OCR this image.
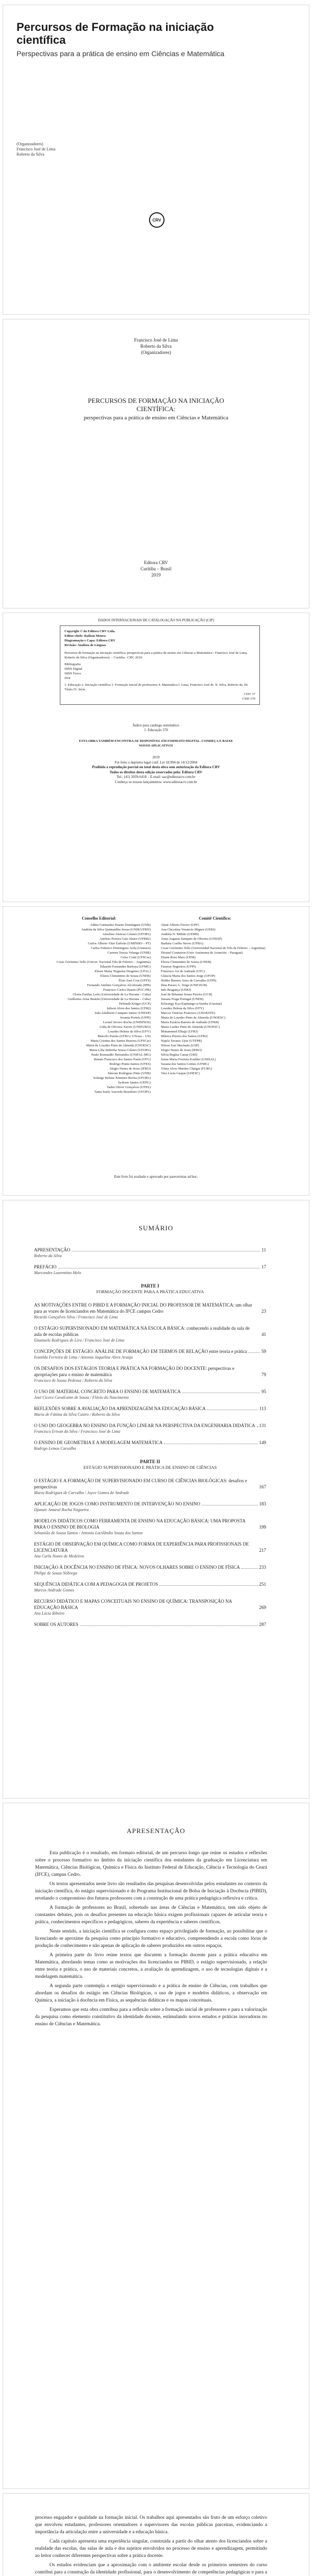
Percursos de Formação na iniciação científica
Perspectivas para a prática de ensino em Ciências e Matemática
(Organizadores)
Francisco José de Lima
Roberto da Silva
CRV
Francisco José de Lima
Roberto da Silva
(Organizadores)
PERCURSOS DE FORMAÇÃO NA INICIAÇÃO CIENTÍFICA:
perspectivas para a prática de ensino em Ciências e Matemática
Editora CRV
Curitiba – Brasil
2019
DADOS INTERNACIONAIS DE CATALOGAÇÃO NA PUBLICAÇÃO (CIP)
Copyright © da Editora CRV Ltda.
Editor-chefe: Railson Moura
Diagramação e Capa: Editora CRV
Revisão: Analista de Línguas
Percursos de formação na iniciação científica: perspectivas para a prática de ensino em Ciências e Matemática / Francisco José de Lima, Roberto da Silva (Organizadores). – Curitiba : CRV, 2019.
Bibliografia
ISBN Digital
ISBN Físico
DOI
1. Educação 2. Iniciação científica 3. Formação inicial de professores 4. Matemática I. Lima, Francisco José de. II. Silva, Roberto da. III. Título IV. Série.
CDU 37
CDD 370
Índice para catálogo sistemático
1. Educação 370
ESTA OBRA TAMBÉM ENCONTRA-SE DISPONÍVEL EM FORMATO DIGITAL. CONHEÇA E BAIXE NOSSO APLICATIVO!
2019
Foi feito o depósito legal conf. Lei 10.994 de 14/12/2004
Proibida a reprodução parcial ou total desta obra sem autorização da Editora CRV
Todos os direitos desta edição reservados pela: Editora CRV
Tel.: (41) 3039-6418 – E-mail: sac@editoracrv.com.br
Conheça os nossos lançamentos: www.editoracrv.com.br
Conselho Editorial:
Aldira Guimarães Duarte Domínguez (UNB)
Andréia da Silva Quintanilha Sousa (UNIR/UFRN)
Anselmo Alencar Colares (UFOPA)
Antônio Pereira Gaio Júnior (UFRRJ)
Carlos Alberto Vilar Estêvão (UMINHO – PT)
Carlos Federico Dominguez Avila (Unieuro)
Carmen Tereza Velanga (UNIR)
Celso Conti (UFSCar)
Cesar Gerónimo Tello (Univer. Nacional Três de Febrero – Argentina)
Eduardo Fernandes Barbosa (UFMG)
Elione Maria Nogueira Diogenes (UFAL)
Elizeu Clementino de Souza (UNEB)
Élsio José Corá (UFFS)
Fernando Antônio Gonçalves Alcoforado (IPB)
Francisco Carlos Duarte (PUC-PR)
Gloria Fariñas León (Universidade de La Havana – Cuba)
Guillermo Arias Beatón (Universidade de La Havana – Cuba)
Helmuth Krüger (UCP)
Jailson Alves dos Santos (UFRJ)
João Adalberto Campato Junior (UNESP)
Josania Portela (UFPI)
Leonel Severo Rocha (UNISINOS)
Lídia de Oliveira Xavier (UNIEURO)
Lourdes Helena da Silva (UFV)
Marcelo Paixão (UFRJ e UTexas – US)
Maria Cristina dos Santos Bezerra (UFSCar)
Maria de Lourdes Pinto de Almeida (UNOESC)
Maria Lília Imbiriba Sousa Colares (UFOPA)
Paulo Romualdo Hernandes (UNIFAL-MG)
Renato Francisco dos Santos Paula (UFG)
Rodrigo Pratte-Santos (UFES)
Sérgio Nunes de Jesus (IFRO)
Simone Rodrigues Pinto (UNB)
Solange Helena Ximenes-Rocha (UFOPA)
Sydione Santos (UEPG)
Tadeu Oliver Gonçalves (UFPA)
Tania Suely Azevedo Brasileiro (UFOPA)
Comitê Científico:
Altair Alberto Fávero (UPF)
Ana Chrystina Venancio Mignot (UERJ)
Andréia N. Militão (UEMS)
Anna Augusta Sampaio de Oliveira (UNESP)
Barbara Coelho Neves (UFBA)
Cesar Gerónimo Tello (Universidad Nacional de Três de Febrero – Argentina)
Diosnel Centurion (Univ Autónoma de Asunción – Paraguai)
Eliane Rose Maio (UEM)
Elizeu Clementino de Souza (UNEB)
Fauston Negreiros (UFPI)
Francisco Ari de Andrade (UFC)
Gláucia Maria dos Santos Jorge (UFOP)
Helder Buenos Aires de Carvalho (UFPI)
Ilma Passos A. Veiga (UNICEUB)
Inês Bragança (UERJ)
José de Ribamar Sousa Pereira (UCB)
Jussara Fraga Portugal (UNEB)
Kilwangy Kya Kapitango-a-Samba (Unemat)
Lourdes Helena da Silva (UFV)
Marcos Vinicius Francisco (UNOESTE)
Maria de Lourdes Pinto de Almeida (UNOESC)
Maria Eurácia Barreto de Andrade (UFRB)
Maria Lurdes Pinto de Almeida (UNOESC)
Mohammed Elhajji (UFRJ)
Mônica Pereira dos Santos (UFRJ)
Najela Tavares Ujiie (UTFPR)
Nilson José Machado (USP)
Sérgio Nunes de Jesus (IFRO)
Silvia Regina Canan (URI)
Sonia Maria Ferreira Koehler (UNISAL)
Suzana dos Santos Gomes (UFMG)
Vânia Alves Martins Chaigar (FURG)
Vera Lucia Gaspar (UDESC)
Este livro foi avaliado e aprovado por pareceristas ad hoc.
SUMÁRIO
APRESENTAÇÃO	11
Roberto da Silva
PREFÁCIO	17
Marcondes Laurentino Melo
PARTE I
FORMAÇÃO DOCENTE PARA A PRÁTICA EDUCATIVA
AS MOTIVAÇÕES ENTRE O PIBID E A FORMAÇÃO INICIAL DO PROFESSOR DE MATEMÁTICA: um olhar para as vozes de licenciandos em Matemática do IFCE campus Cedro	23
Ricardo Gonçalves Silva / Francisco José de Lima
O ESTÁGIO SUPERVISIONADO EM MATEMÁTICA NA ESCOLA BÁSICA: conhecendo a realidade da sala de aula de escolas públicas	41
Emanuele Rodrigues de Lira / Francisco José de Lima
CONCEPÇÕES DE ESTÁGIO: ANÁLISE DE FORMAÇÃO EM TERMOS DE RELAÇÃO entre teoria e prática	59
Ivanilda Ferreira de Lima / Antonia Jaqueline Alves Araújo
OS DESAFIOS DOS ESTÁGIOS TEORIA E PRÁTICA NA FORMAÇÃO DO DOCENTE: perspectivas e apropriações para o ensino de matemática	79
Francisco de Sousa Pedrosa / Roberto da Silva
O USO DE MATERIAL CONCRETO PARA O ENSINO DE MATEMÁTICA	95
José Cícero Cavalcante de Souza / Flávio do Nascimento
REFLEXÕES SOBRE A AVALIAÇÃO DA APRENDIZAGEM NA EDUCAÇÃO BÁSICA	113
Maria de Fátima da Silva Castro / Roberto da Silva
O USO DO GEOGEBRA NO ENSINO DA FUNÇÃO LINEAR NA PERSPECTIVA DA ENGENHARIA DIDÁTICA 131
Francisco Erivan da Silva / Francisco José de Lima
O ENSINO DE GEOMETRIA E A MODELAGEM MATEMÁTICA	149
Rodrigo Lemos Carvalho
PARTE II
ESTÁGIO SUPERVISIONADO E PRÁTICA DE ENSINO DE CIÊNCIAS
O ESTÁGIO E A FORMAÇÃO DE SUPERVISIONADO EM CURSO DE CIÊNCIAS BIOLÓGICAS: desafios e perspectivas	167
Maria Rodrigues de Carvalho / Joyce Gomes de Andrade
APLICAÇÃO DE JOGOS COMO INSTRUMENTO DE INTERVENÇÃO NO ENSINO	183
Djanair Amaral Rocha Nogueira
MODELOS DIDÁTICOS COMO FERRAMENTA DE ENSINO NA EDUCAÇÃO BÁSICA: UMA PROPOSTA PARA O ENSINO DE BIOLOGIA	199
Sebastião de Sousa Santos / Antonio Lucilândio Souza dos Santos
ESTÁGIO DE OBSERVAÇÃO EM QUÍMICA COMO FORMA DE EXPERIÊNCIA PARA PROFISSIONAIS DE LICENCIATURA	217
Ana Carla Nunes de Medeiros
INICIAÇÃO À DOCÊNCIA NO ENSINO DE FÍSICA: NOVOS OLHARES SOBRE O ENSINO DE FÍSICA	233
Philipe de Souza Nóbrega
SEQUÊNCIA DIDÁTICA COM A PEDAGOGIA DE PROJETOS	251
Marcos Andrade Gomes
RECURSO DIDÁTICO E MAPAS CONCEITUAIS NO ENSINO DE QUÍMICA: TRANSPOSIÇÃO NA EDUCAÇÃO BÁSICA	269
Ana Lúcia Ribeiro
SOBRE OS AUTORES	287
APRESENTAÇÃO

Esta publicação é o resultado, em formato editorial, de um percurso longo que reúne os estudos e reflexões sobre o processo formativo no âmbito da iniciação científica dos estudantes da graduação em Licenciatura em Matemática, Ciências Biológicas, Química e Física do Instituto Federal de Educação, Ciência e Tecnologia do Ceará (IFCE), campus Cedro.

Os textos apresentados neste livro são resultados das pesquisas desenvolvidas pelos estudantes no contexto da iniciação científica, do estágio supervisionado e do Programa Institucional de Bolsa de Iniciação à Docência (PIBID), revelando o compromisso dos futuros professores com a construção de uma prática pedagógica reflexiva e crítica.

A formação de professores no Brasil, sobretudo nas áreas de Ciências e Matemática, tem sido objeto de constantes debates, pois os desafios presentes na educação básica exigem profissionais capazes de articular teoria e prática, conhecimentos específicos e pedagógicos, saberes da experiência e saberes científicos.

Neste sentido, a iniciação científica se configura como espaço privilegiado de formação, ao possibilitar que o licenciando se aproxime da pesquisa como princípio formativo e educativo, compreendendo a escola como lócus de produção de conhecimento e não apenas de aplicação de saberes produzidos em outros espaços.

A primeira parte do livro reúne textos que discutem a formação docente para a prática educativa em Matemática, abordando temas como as motivações dos licenciandos no PIBID, o estágio supervisionado, a relação entre teoria e prática, o uso de materiais concretos, a avaliação da aprendizagem, o uso de tecnologias digitais e a modelagem matemática.

A segunda parte contempla o estágio supervisionado e a prática de ensino de Ciências, com trabalhos que abordam os desafios do estágio em Ciências Biológicas, o uso de jogos e modelos didáticos, a observação em Química, a iniciação à docência em Física, as sequências didáticas e os mapas conceituais.

Esperamos que esta obra contribua para a reflexão sobre a formação inicial de professores e para a valorização da pesquisa como elemento constitutivo da identidade docente, estimulando novos estudos e práticas inovadoras no ensino de Ciências e Matemática.

processo engajador e qualidade na formação inicial. Os trabalhos aqui apresentados são fruto de um esforço coletivo que envolveu estudantes, professores orientadores e supervisores das escolas públicas parceiras, evidenciando a importância da articulação entre a universidade e a educação básica.

Cada capítulo apresenta uma experiência singular, construída a partir do olhar atento dos licenciandos sobre a realidade das escolas, das salas de aula e dos sujeitos envolvidos no processo de ensino e aprendizagem, permitindo ao leitor conhecer diferentes perspectivas sobre a prática docente.

Os estudos evidenciam que a aproximação com o ambiente escolar desde os primeiros semestres do curso contribui para a construção da identidade profissional, para o desenvolvimento de competências pedagógicas e para a
